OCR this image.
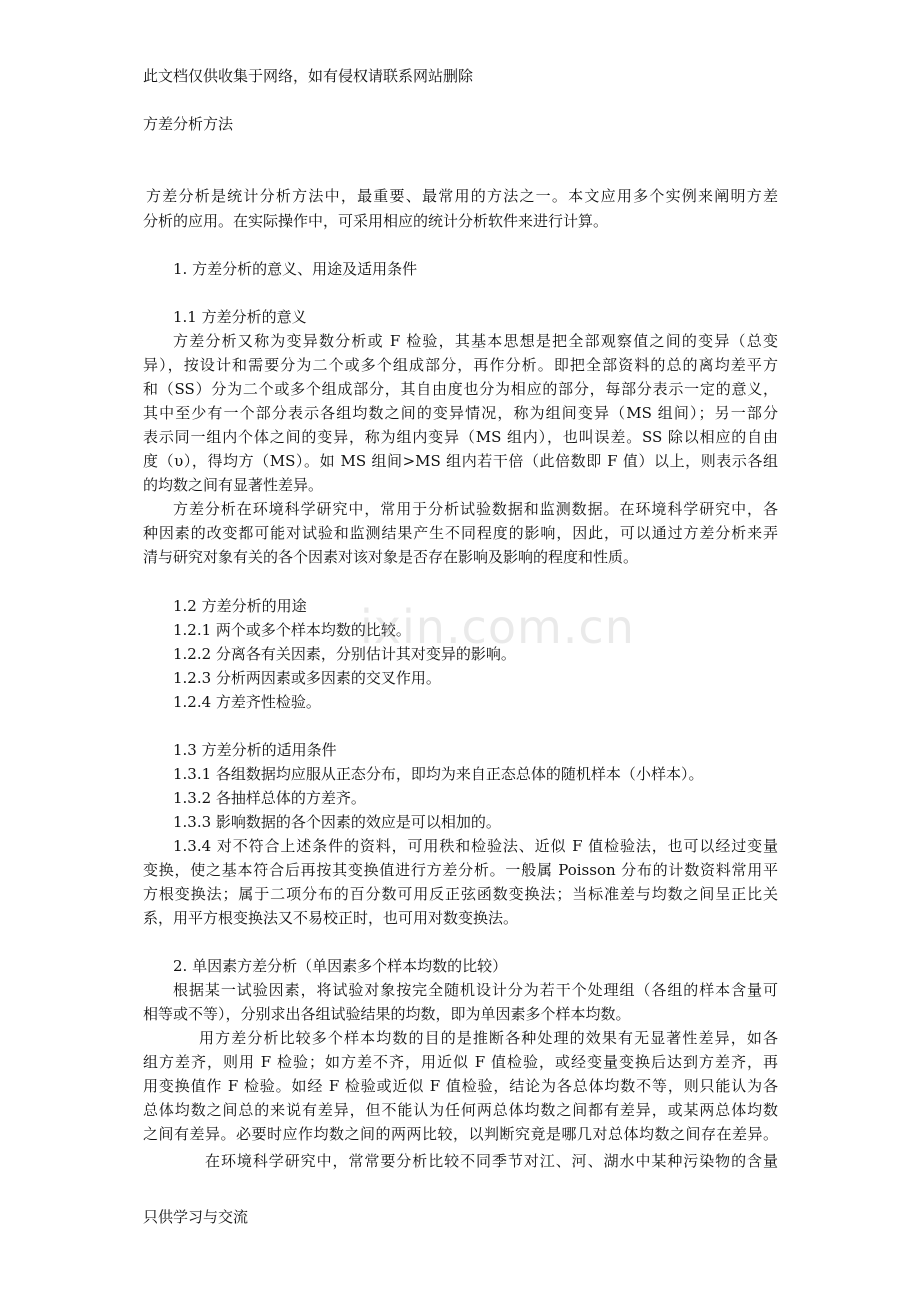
此文档仅供收集于网络，如有侵权请联系网站删除
方差分析方法
方差分析是统计分析方法中，最重要、最常用的方法之一。本文应用多个实例来阐明方差
分析的应用。在实际操作中，可采用相应的统计分析软件来进行计算。
1. 方差分析的意义、用途及适用条件
1.1 方差分析的意义
方差分析又称为变异数分析或 F 检验，其基本思想是把全部观察值之间的变异（总变
异），按设计和需要分为二个或多个组成部分，再作分析。即把全部资料的总的离均差平方
和（SS）分为二个或多个组成部分，其自由度也分为相应的部分，每部分表示一定的意义，
其中至少有一个部分表示各组均数之间的变异情况，称为组间变异（MS 组间）；另一部分
表示同一组内个体之间的变异，称为组内变异（MS 组内），也叫误差。SS 除以相应的自由
度（υ），得均方（MS）。如 MS 组间>MS 组内若干倍（此倍数即 F 值）以上，则表示各组
的均数之间有显著性差异。
方差分析在环境科学研究中，常用于分析试验数据和监测数据。在环境科学研究中，各
种因素的改变都可能对试验和监测结果产生不同程度的影响，因此，可以通过方差分析来弄
清与研究对象有关的各个因素对该对象是否存在影响及影响的程度和性质。
1.2 方差分析的用途
1.2.1 两个或多个样本均数的比较。
1.2.2 分离各有关因素，分别估计其对变异的影响。
1.2.3 分析两因素或多因素的交叉作用。
1.2.4 方差齐性检验。
1.3 方差分析的适用条件
1.3.1 各组数据均应服从正态分布，即均为来自正态总体的随机样本（小样本）。
1.3.2 各抽样总体的方差齐。
1.3.3 影响数据的各个因素的效应是可以相加的。
1.3.4 对不符合上述条件的资料，可用秩和检验法、近似 F 值检验法，也可以经过变量
变换，使之基本符合后再按其变换值进行方差分析。一般属 Poisson 分布的计数资料常用平
方根变换法；属于二项分布的百分数可用反正弦函数变换法；当标准差与均数之间呈正比关
系，用平方根变换法又不易校正时，也可用对数变换法。
2. 单因素方差分析（单因素多个样本均数的比较）
根据某一试验因素，将试验对象按完全随机设计分为若干个处理组（各组的样本含量可
相等或不等），分别求出各组试验结果的均数，即为单因素多个样本均数。
用方差分析比较多个样本均数的目的是推断各种处理的效果有无显著性差异，如各
组方差齐，则用 F 检验；如方差不齐，用近似 F 值检验，或经变量变换后达到方差齐，再
用变换值作 F 检验。如经 F 检验或近似 F 值检验，结论为各总体均数不等，则只能认为各
总体均数之间总的来说有差异，但不能认为任何两总体均数之间都有差异，或某两总体均数
之间有差异。必要时应作均数之间的两两比较，以判断究竟是哪几对总体均数之间存在差异。
在环境科学研究中，常常要分析比较不同季节对江、河、湖水中某种污染物的含量
只供学习与交流
ixin.com.cn
